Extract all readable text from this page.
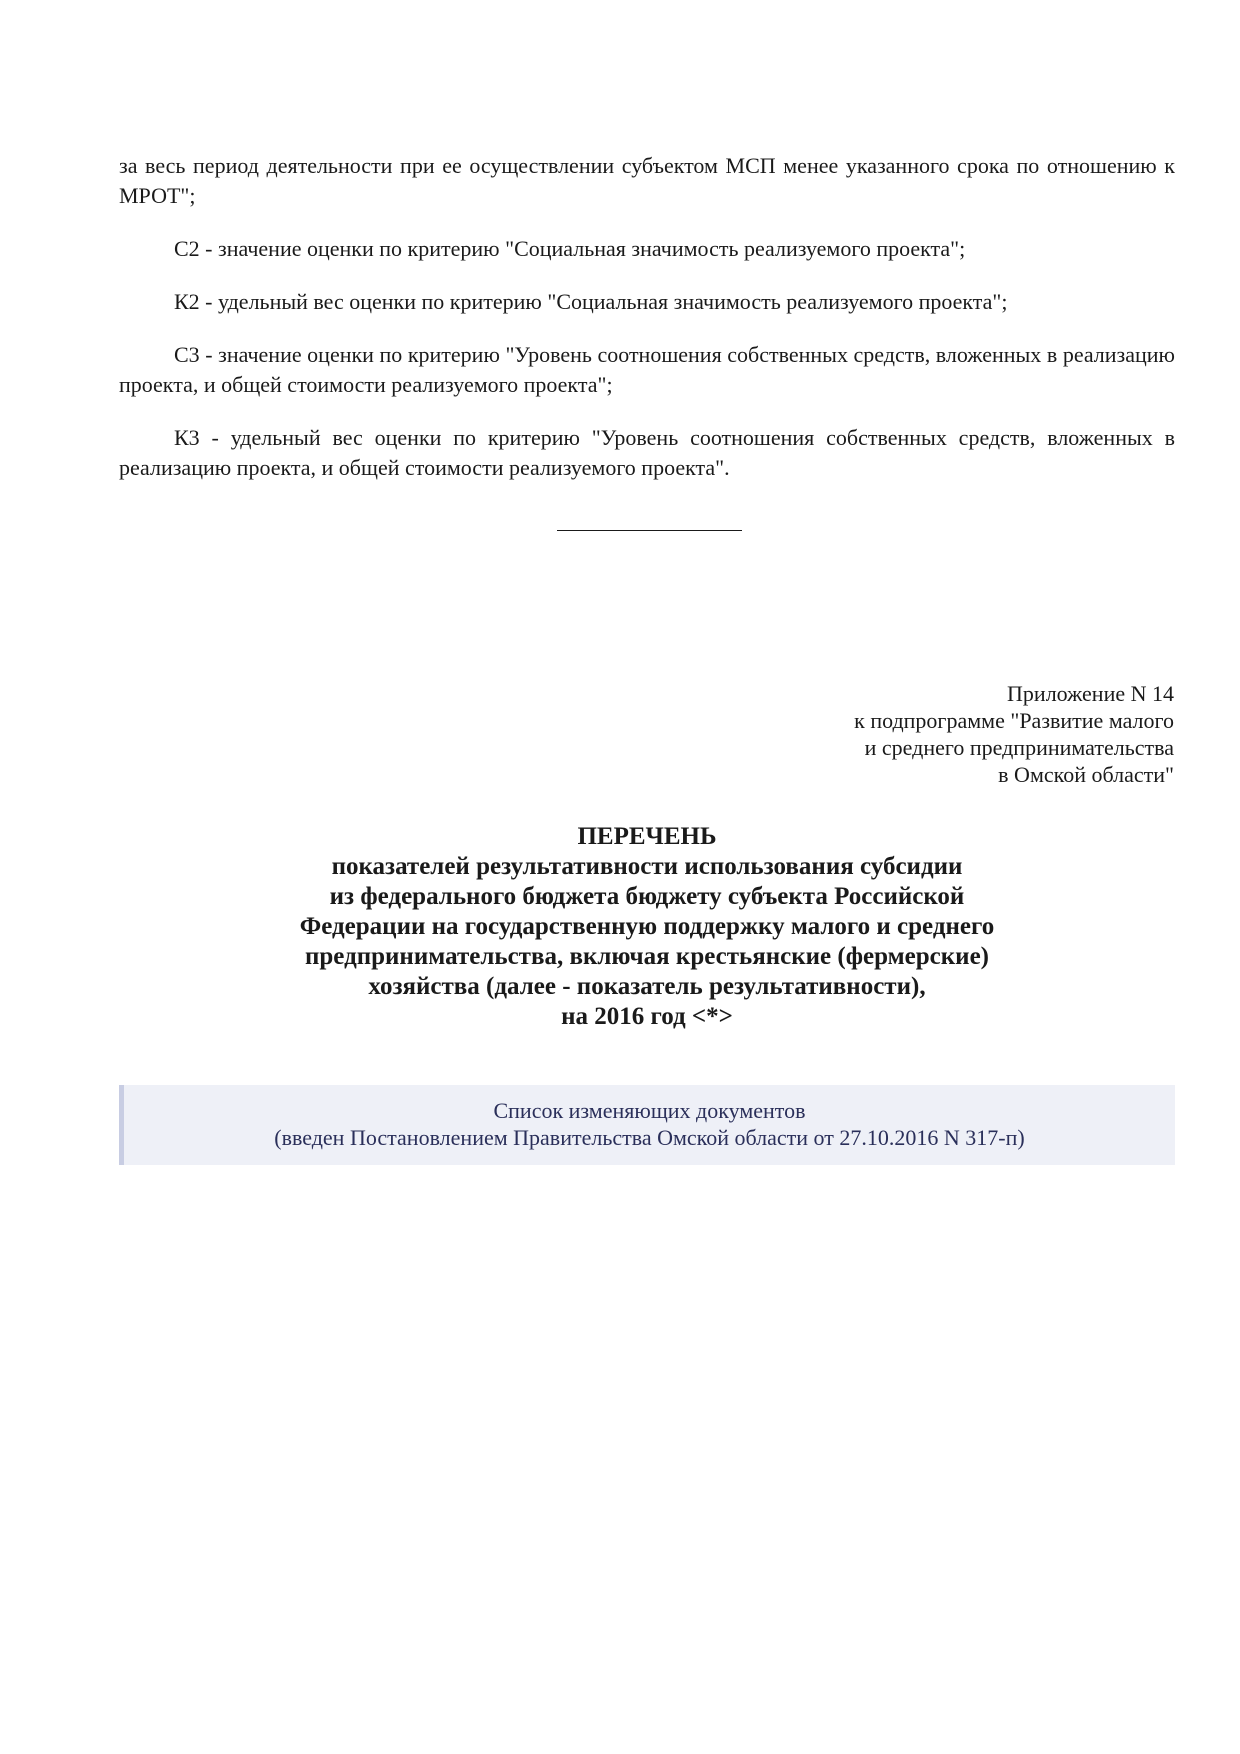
за весь период деятельности при ее осуществлении субъектом МСП менее указанного срока по отношению к МРОТ";

С2 - значение оценки по критерию "Социальная значимость реализуемого проекта";

К2 - удельный вес оценки по критерию "Социальная значимость реализуемого проекта";

С3 - значение оценки по критерию "Уровень соотношения собственных средств, вложенных в реализацию проекта, и общей стоимости реализуемого проекта";

К3 - удельный вес оценки по критерию "Уровень соотношения собственных средств, вложенных в реализацию проекта, и общей стоимости реализуемого проекта".

Приложение N 14
к подпрограмме "Развитие малого
и среднего предпринимательства
в Омской области"
ПЕРЕЧЕНЬ
показателей результативности использования субсидии
из федерального бюджета бюджету субъекта Российской
Федерации на государственную поддержку малого и среднего
предпринимательства, включая крестьянские (фермерские)
хозяйства (далее - показатель результативности),
на 2016 год <*>
Список изменяющих документов
(введен Постановлением Правительства Омской области от 27.10.2016 N 317-п)
